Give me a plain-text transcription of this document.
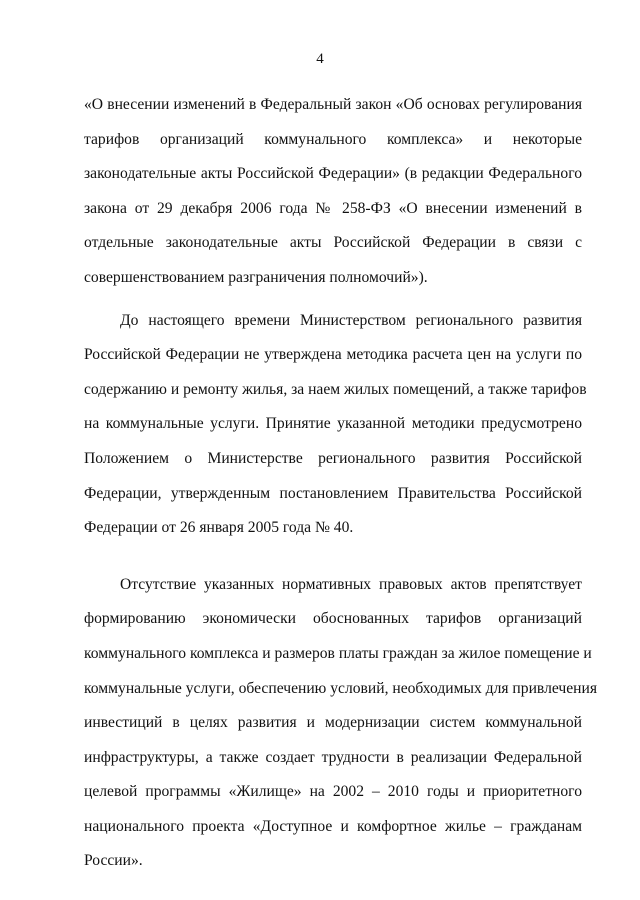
4

«О внесении изменений в Федеральный закон «Об основах регулирования
тарифов организаций коммунального комплекса» и некоторые
законодательные акты Российской Федерации» (в редакции Федерального
закона от 29 декабря 2006 года № 258-ФЗ «О внесении изменений в
отдельные законодательные акты Российской Федерации в связи с
совершенствованием разграничения полномочий»).

До настоящего времени Министерством регионального развития
Российской Федерации не утверждена методика расчета цен на услуги по
содержанию и ремонту жилья, за наем жилых помещений, а также тарифов
на коммунальные услуги. Принятие указанной методики предусмотрено
Положением о Министерстве регионального развития Российской
Федерации, утвержденным постановлением Правительства Российской
Федерации от 26 января 2005 года № 40.

Отсутствие указанных нормативных правовых актов препятствует
формированию экономически обоснованных тарифов организаций
коммунального комплекса и размеров платы граждан за жилое помещение и
коммунальные услуги, обеспечению условий, необходимых для привлечения
инвестиций в целях развития и модернизации систем коммунальной
инфраструктуры, а также создает трудности в реализации Федеральной
целевой программы «Жилище» на 2002 – 2010 годы и приоритетного
национального проекта «Доступное и комфортное жилье – гражданам
России».
